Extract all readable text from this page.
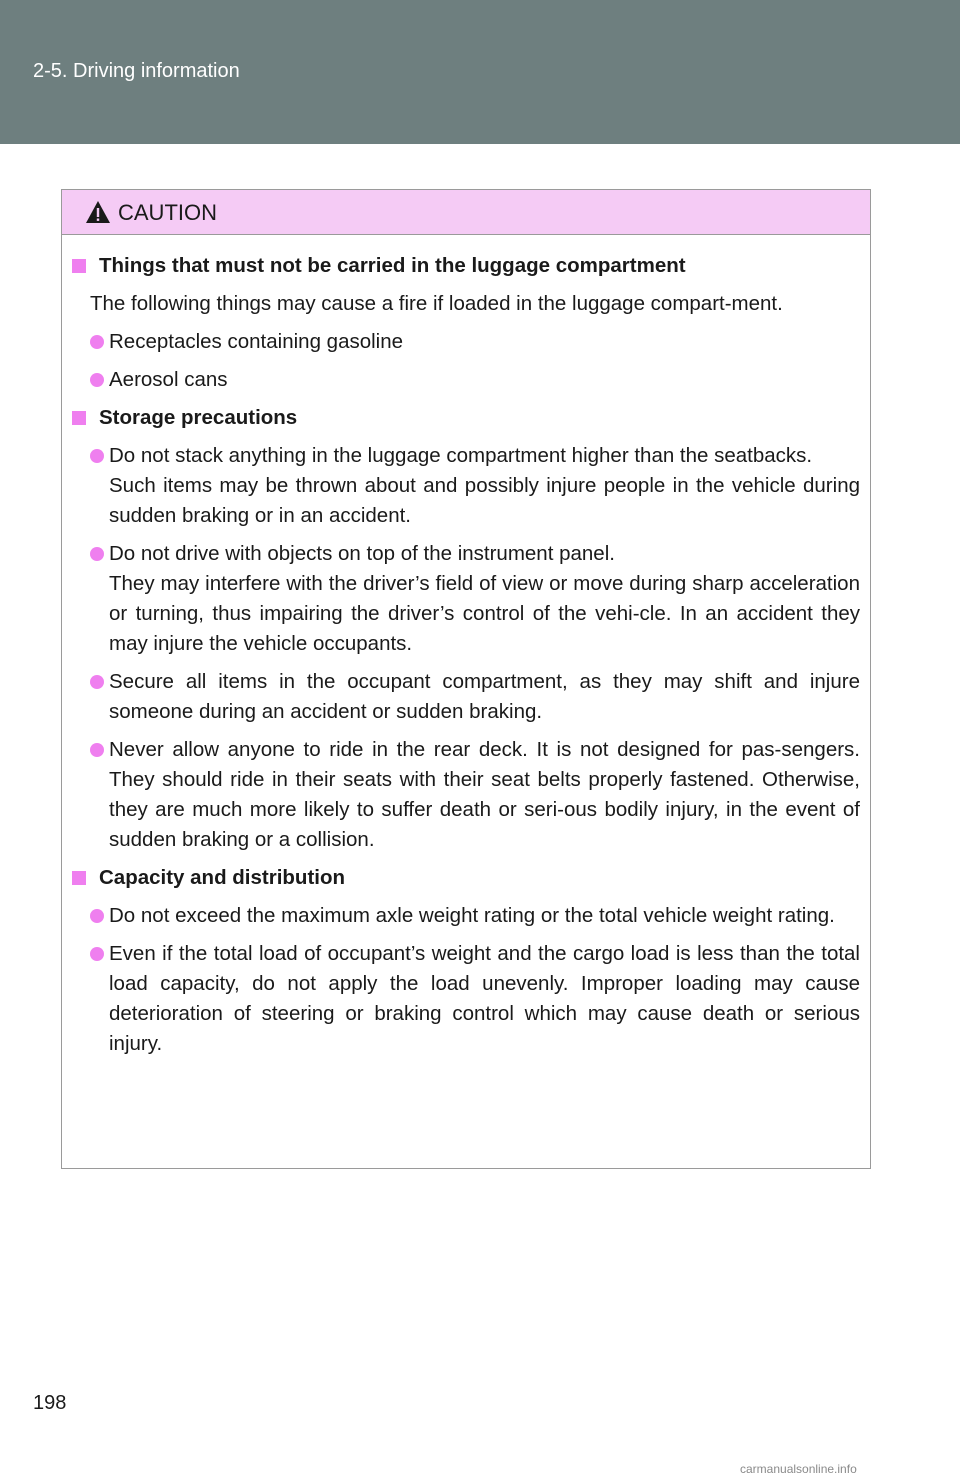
2-5. Driving information
CAUTION
Things that must not be carried in the luggage compartment
The following things may cause a fire if loaded in the luggage compart-ment.

Receptacles containing gasoline

Aerosol cans

Storage precautions

Do not stack anything in the luggage compartment higher than the seatbacks.

Such items may be thrown about and possibly injure people in the vehicle during sudden braking or in an accident.

Do not drive with objects on top of the instrument panel.

They may interfere with the driver’s field of view or move during sharp acceleration or turning, thus impairing the driver’s control of the vehi-cle. In an accident they may injure the vehicle occupants.

Secure all items in the occupant compartment, as they may shift and injure someone during an accident or sudden braking.

Never allow anyone to ride in the rear deck. It is not designed for pas-sengers. They should ride in their seats with their seat belts properly fastened. Otherwise, they are much more likely to suffer death or seri-ous bodily injury, in the event of sudden braking or a collision.

Capacity and distribution

Do not exceed the maximum axle weight rating or the total vehicle weight rating.

Even if the total load of occupant’s weight and the cargo load is less than the total load capacity, do not apply the load unevenly. Improper loading may cause deterioration of steering or braking control which may cause death or serious injury.

198
carmanualsonline.info
